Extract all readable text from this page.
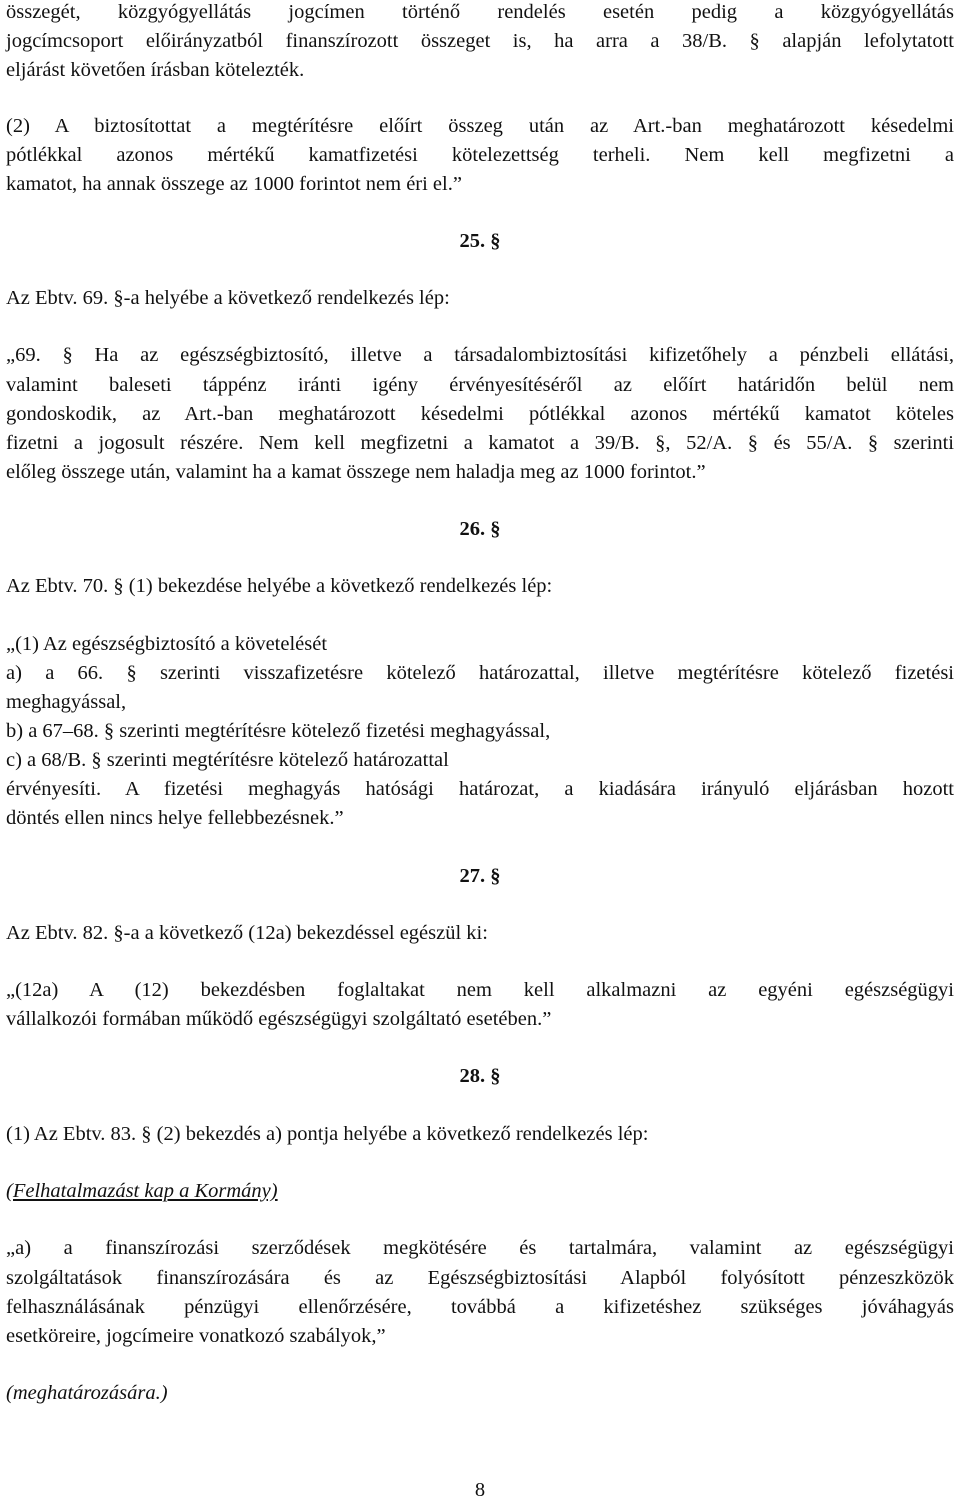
összegét, közgyógyellátás jogcímen történő rendelés esetén pedig a közgyógyellátás

jogcímcsoport előirányzatból finanszírozott összeget is, ha arra a 38/B. § alapján lefolytatott

eljárást követően írásban kötelezték.

(2) A biztosítottat a megtérítésre előírt összeg után az Art.-ban meghatározott késedelmi

pótlékkal azonos mértékű kamatfizetési kötelezettség terheli. Nem kell megfizetni a

kamatot, ha annak összege az 1000 forintot nem éri el.”

25. §

Az Ebtv. 69. §-a helyébe a következő rendelkezés lép:

„69. § Ha az egészségbiztosító, illetve a társadalombiztosítási kifizetőhely a pénzbeli ellátási,

valamint baleseti táppénz iránti igény érvényesítéséről az előírt határidőn belül nem

gondoskodik, az Art.-ban meghatározott késedelmi pótlékkal azonos mértékű kamatot köteles

fizetni a jogosult részére. Nem kell megfizetni a kamatot a 39/B. §, 52/A. § és 55/A. § szerinti

előleg összege után, valamint ha a kamat összege nem haladja meg az 1000 forintot.”

26. §

Az Ebtv. 70. § (1) bekezdése helyébe a következő rendelkezés lép:

„(1) Az egészségbiztosító a követelését

a) a 66. § szerinti visszafizetésre kötelező határozattal, illetve megtérítésre kötelező fizetési

meghagyással,

b) a 67–68. § szerinti megtérítésre kötelező fizetési meghagyással,

c) a 68/B. § szerinti megtérítésre kötelező határozattal

érvényesíti. A fizetési meghagyás hatósági határozat, a kiadására irányuló eljárásban hozott

döntés ellen nincs helye fellebbezésnek.”

27. §

Az Ebtv. 82. §-a a következő (12a) bekezdéssel egészül ki:

„(12a) A (12) bekezdésben foglaltakat nem kell alkalmazni az egyéni egészségügyi

vállalkozói formában működő egészségügyi szolgáltató esetében.”

28. §

(1) Az Ebtv. 83. § (2) bekezdés a) pontja helyébe a következő rendelkezés lép:

(Felhatalmazást kap a Kormány)

„a) a finanszírozási szerződések megkötésére és tartalmára, valamint az egészségügyi

szolgáltatások finanszírozására és az Egészségbiztosítási Alapból folyósított pénzeszközök

felhasználásának pénzügyi ellenőrzésére, továbbá a kifizetéshez szükséges jóváhagyás

esetköreire, jogcímeire vonatkozó szabályok,”

(meghatározására.)

8
